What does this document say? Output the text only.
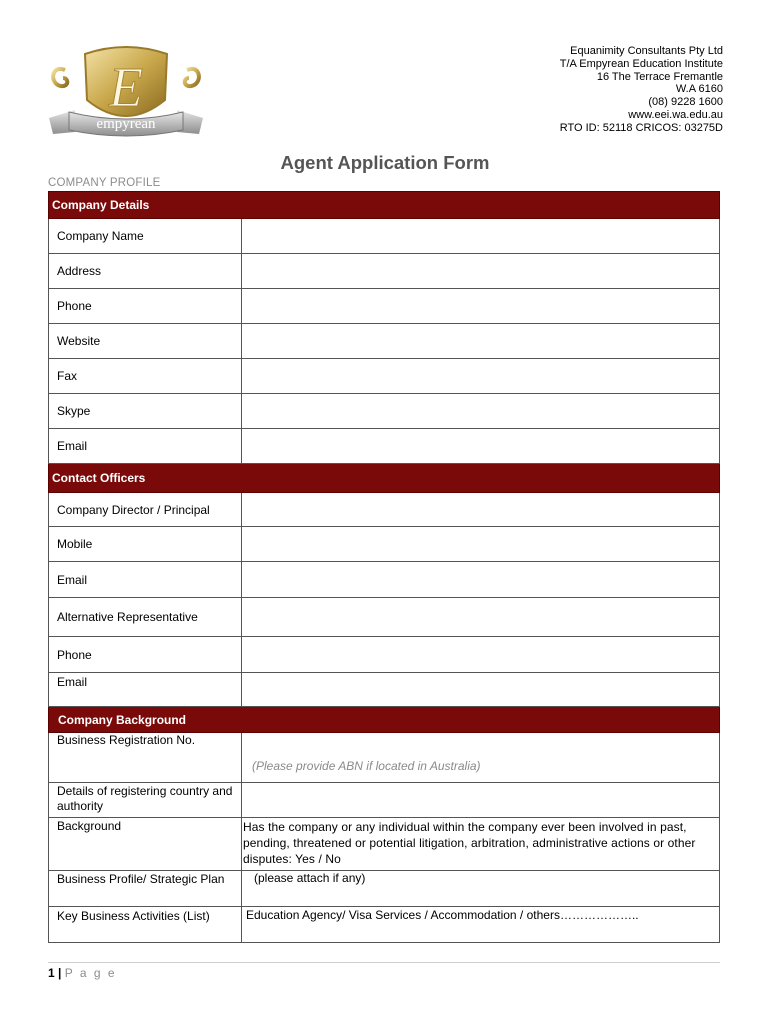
E
empyrean
Equanimity Consultants Pty Ltd
T/A Empyrean Education Institute
16 The Terrace Fremantle
W.A 6160
(08) 9228 1600
www.eei.wa.edu.au
RTO ID: 52118 CRICOS: 03275D
Agent Application Form
COMPANY PROFILE
Company Details	
Company Name	
Address	
Phone	
Website	
Fax	
Skype	
Email	
Contact Officers	
Company Director / Principal	
Mobile	
Email	
Alternative Representative	
Phone	
Email	
Company Background	
Business Registration No.	(Please provide ABN if located in Australia)

Details of registering country and authority	
Background	Has the company or any individual within the company ever been involved in past, pending, threatened or potential litigation, arbitration, administrative actions or other disputes: Yes / No

Business Profile/ Strategic Plan	(please attach if any)
Key Business Activities (List)	Education Agency/ Visa Services / Accommodation / others………………..
1 | P a g e
